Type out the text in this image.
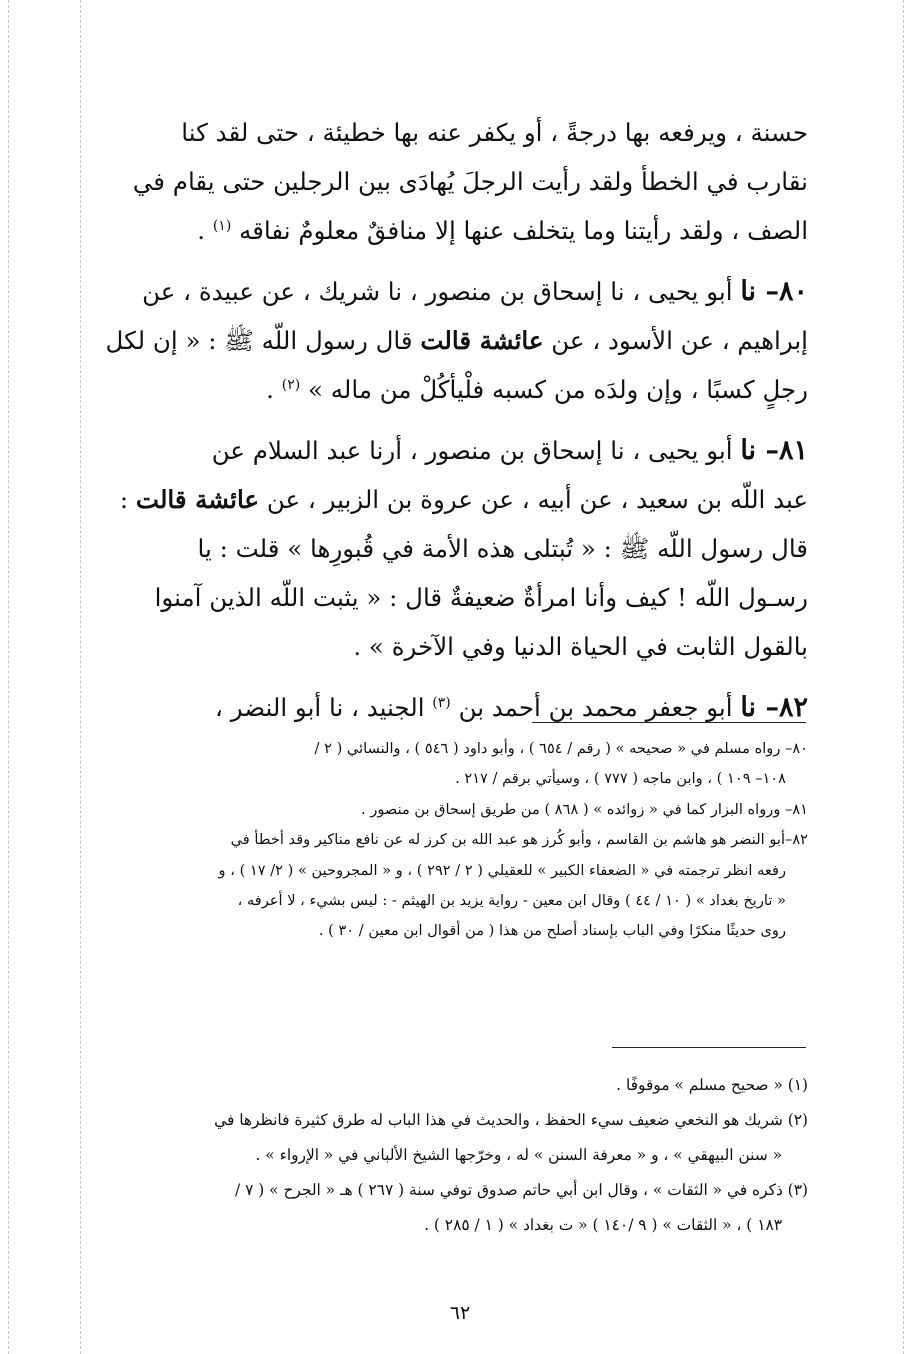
حسنة ، ويرفعه بها درجةً ، أو يكفر عنه بها خطيئة ، حتى لقد كنا
نقارب في الخطأ ولقد رأيت الرجلَ يُهادَى بين الرجلين حتى يقام في
الصف ، ولقد رأيتنا وما يتخلف عنها إلا منافقٌ معلومٌ نفاقه $^{(١)}$ .

٨٠– نا أبو يحيى ، نا إسحاق بن منصور ، نا شريك ، عن عبيدة ، عن
إبراهيم ، عن الأسود ، عن عائشة قالت قال رسول اللّه ﷺ : « إن لكل
رجلٍ كسبًا ، وإن ولدَه من كسبه فلْيأكُلْ من ماله » $^{(٢)}$ .

٨١– نا أبو يحيى ، نا إسحاق بن منصور ، أرنا عبد السلام عن
عبد اللّه بن سعيد ، عن أبيه ، عن عروة بن الزبير ، عن عائشة قالت :
قال رسول اللّه ﷺ : « تُبتلى هذه الأمة في قُبورِها » قلت : يا
رسـول اللّه ! كيف وأنا امرأةٌ ضعيفةٌ قال : « يثبت اللّه الذين آمنوا
بالقول الثابت في الحياة الدنيا وفي الآخرة » .

٨٢– نا أبو جعفر محمد بن أحمد بن $^{(٣)}$ الجنيد ، نا أبو النضر ،

٨٠– رواه مسلم في « صحيحه » ( رقم / ٦٥٤ ) ، وأبو داود ( ٥٤٦ ) ، والنسائي ( ٢ /
١٠٨– ١٠٩ ) ، وابن ماجه ( ٧٧٧ ) ، وسيأتي برقم / ٢١٧ .

٨١– ورواه البزار كما في « زوائده » ( ٨٦٨ ) من طريق إسحاق بن منصور .

٨٢–أبو النضر هو هاشم بن القاسم ، وأبو كُرز هو عبد الله بن كرز له عن نافع مناكير وقد أخطأ في
رفعه انظر ترجمته في « الضعفاء الكبير » للعقيلي ( ٢ / ٢٩٢ ) ، و « المجروحين » ( ٢/ ١٧ ) ، و
« تاريخ بغداد » ( ١٠ / ٤٤ ) وقال ابن معين - رواية يزيد بن الهيثم - : ليس بشيء ، لا أعرفه ،
روى حديثًا منكرًا وفي الباب بإسناد أصلح من هذا ( من أقوال ابن معين / ٣٠ ) .

(١) « صحيح مسلم » موقوفًا .

(٢) شريك هو النخعي ضعيف سيء الحفظ ، والحديث في هذا الباب له طرق كثيرة فانظرها في
« سنن البيهقي » ، و « معرفة السنن » له ، وخرّجها الشيخ الألباني في « الإرواء » .

(٣) ذكره في « الثقات » ، وقال ابن أبي حاتم صدوق توفي سنة ( ٢٦٧ ) هـ « الجرح » ( ٧ /
١٨٣ ) ، « الثقات » ( ٩ /١٤٠ ) « ت بغداد » ( ١ / ٢٨٥ ) .

٦٢
